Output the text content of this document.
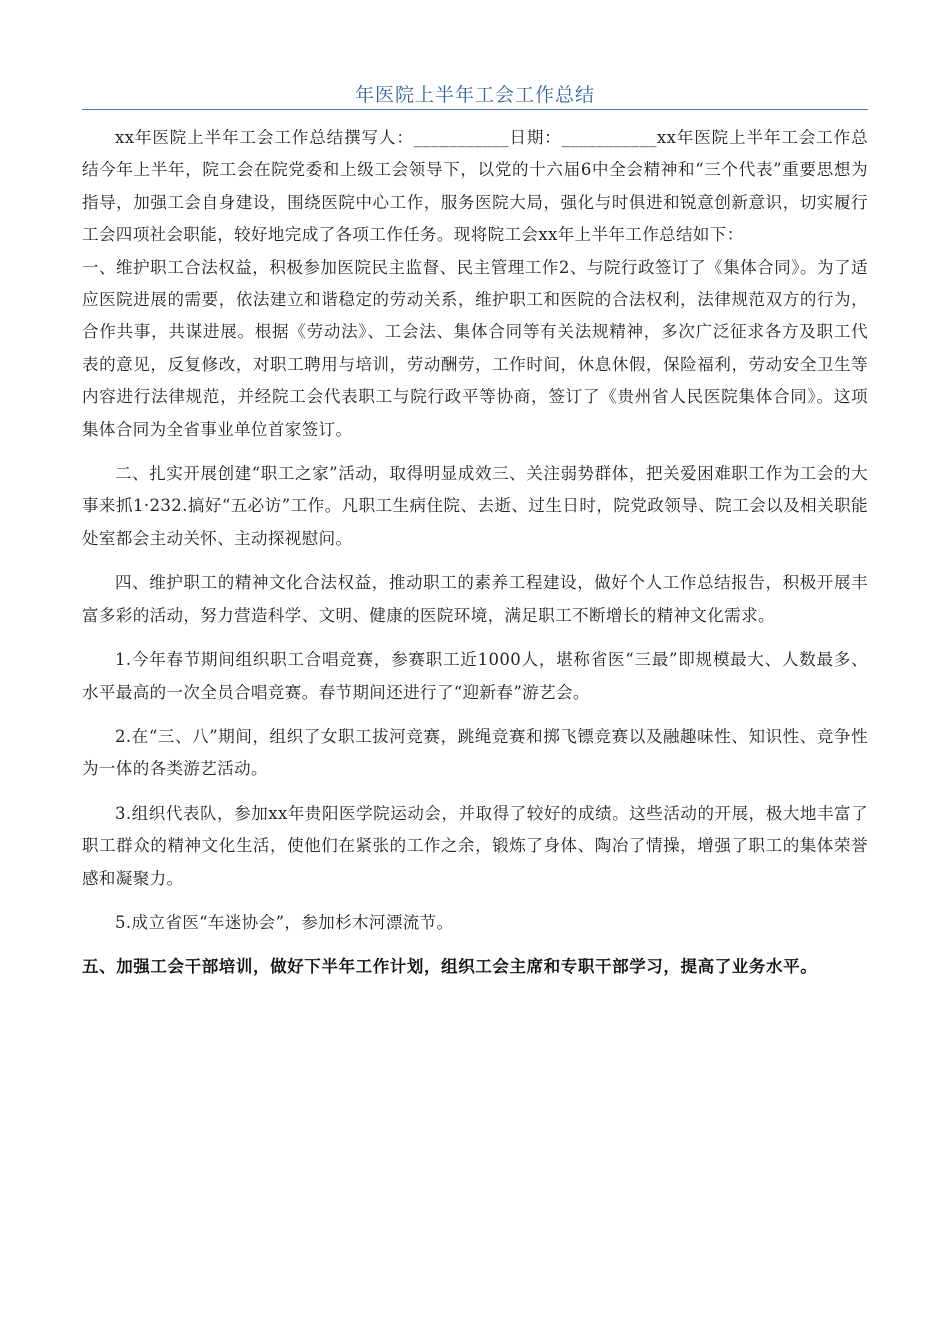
年医院上半年工会工作总结

xx年医院上半年工会工作总结撰写人：___________日期：___________xx年医院上半年工会工作总结今年上半年，院工会在院党委和上级工会领导下，以党的十六届6中全会精神和“三个代表”重要思想为指导，加强工会自身建设，围绕医院中心工作，服务医院大局，强化与时俱进和锐意创新意识，切实履行工会四项社会职能，较好地完成了各项工作任务。现将院工会xx年上半年工作总结如下：

一、维护职工合法权益，积极参加医院民主监督、民主管理工作2、与院行政签订了《集体合同》。为了适应医院进展的需要，依法建立和谐稳定的劳动关系，维护职工和医院的合法权利，法律规范双方的行为，合作共事，共谋进展。根据《劳动法》、工会法、集体合同等有关法规精神，多次广泛征求各方及职工代表的意见，反复修改，对职工聘用与培训，劳动酬劳，工作时间，休息休假，保险福利，劳动安全卫生等内容进行法律规范，并经院工会代表职工与院行政平等协商，签订了《贵州省人民医院集体合同》。这项集体合同为全省事业单位首家签订。

二、扎实开展创建“职工之家”活动，取得明显成效三、关注弱势群体，把关爱困难职工作为工会的大事来抓1·232.搞好“五必访”工作。凡职工生病住院、去逝、过生日时，院党政领导、院工会以及相关职能处室都会主动关怀、主动探视慰问。

四、维护职工的精神文化合法权益，推动职工的素养工程建设，做好个人工作总结报告，积极开展丰富多彩的活动，努力营造科学、文明、健康的医院环境，满足职工不断增长的精神文化需求。

1.今年春节期间组织职工合唱竞赛，参赛职工近1000人，堪称省医“三最”即规模最大、人数最多、水平最高的一次全员合唱竞赛。春节期间还进行了“迎新春”游艺会。

2.在“三、八”期间，组织了女职工拔河竞赛，跳绳竞赛和掷飞镖竞赛以及融趣味性、知识性、竞争性为一体的各类游艺活动。

3.组织代表队，参加xx年贵阳医学院运动会，并取得了较好的成绩。这些活动的开展，极大地丰富了职工群众的精神文化生活，使他们在紧张的工作之余，锻炼了身体、陶冶了情操，增强了职工的集体荣誉感和凝聚力。

5.成立省医“车迷协会”，参加杉木河漂流节。

五、加强工会干部培训，做好下半年工作计划，组织工会主席和专职干部学习，提高了业务水平。
